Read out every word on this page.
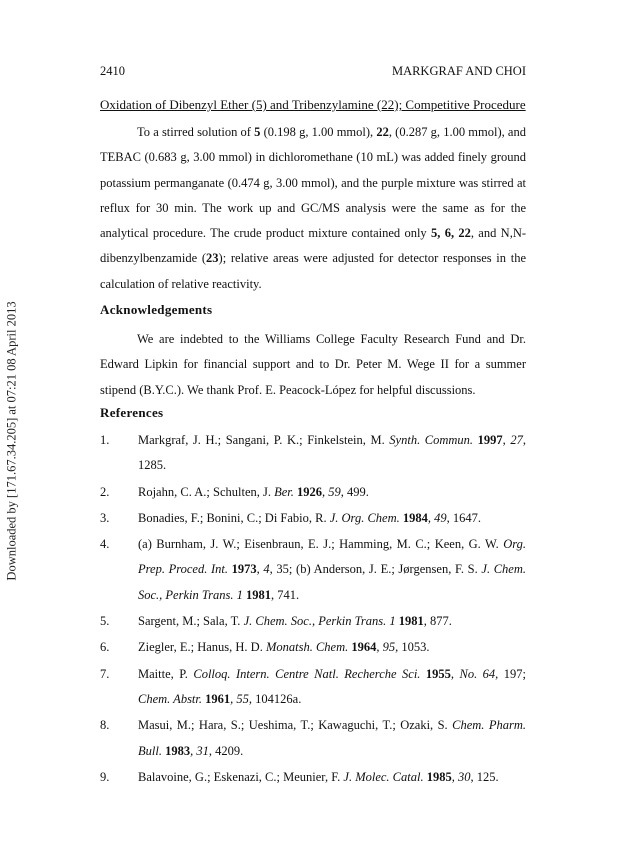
Downloaded by [171.67.34.205] at 07:21 08 April 2013
2410	MARKGRAF AND CHOI
Oxidation of Dibenzyl Ether (5) and Tribenzylamine (22); Competitive Procedure

To a stirred solution of 5 (0.198 g, 1.00 mmol), 22, (0.287 g, 1.00 mmol), and TEBAC (0.683 g, 3.00 mmol) in dichloromethane (10 mL) was added finely ground potassium permanganate (0.474 g, 3.00 mmol), and the purple mixture was stirred at reflux for 30 min. The work up and GC/MS analysis were the same as for the analytical procedure. The crude product mixture contained only 5, 6, 22, and N,N-dibenzylbenzamide (23); relative areas were adjusted for detector responses in the calculation of relative reactivity.

Acknowledgements

We are indebted to the Williams College Faculty Research Fund and Dr. Edward Lipkin for financial support and to Dr. Peter M. Wege II for a summer stipend (B.Y.C.). We thank Prof. E. Peacock-López for helpful discussions.

References
1.	Markgraf, J. H.; Sangani, P. K.; Finkelstein, M. Synth. Commun. 1997, 27, 1285.
2.	Rojahn, C. A.; Schulten, J. Ber. 1926, 59, 499.
3.	Bonadies, F.; Bonini, C.; Di Fabio, R. J. Org. Chem. 1984, 49, 1647.
4.	(a) Burnham, J. W.; Eisenbraun, E. J.; Hamming, M. C.; Keen, G. W. Org. Prep. Proced. Int. 1973, 4, 35; (b) Anderson, J. E.; Jørgensen, F. S. J. Chem. Soc., Perkin Trans. 1 1981, 741.
5.	Sargent, M.; Sala, T. J. Chem. Soc., Perkin Trans. 1 1981, 877.
6.	Ziegler, E.; Hanus, H. D. Monatsh. Chem. 1964, 95, 1053.
7.	Maitte, P. Colloq. Intern. Centre Natl. Recherche Sci. 1955, No. 64, 197; Chem. Abstr. 1961, 55, 104126a.
8.	Masui, M.; Hara, S.; Ueshima, T.; Kawaguchi, T.; Ozaki, S. Chem. Pharm. Bull. 1983, 31, 4209.
9.	Balavoine, G.; Eskenazi, C.; Meunier, F. J. Molec. Catal. 1985, 30, 125.
